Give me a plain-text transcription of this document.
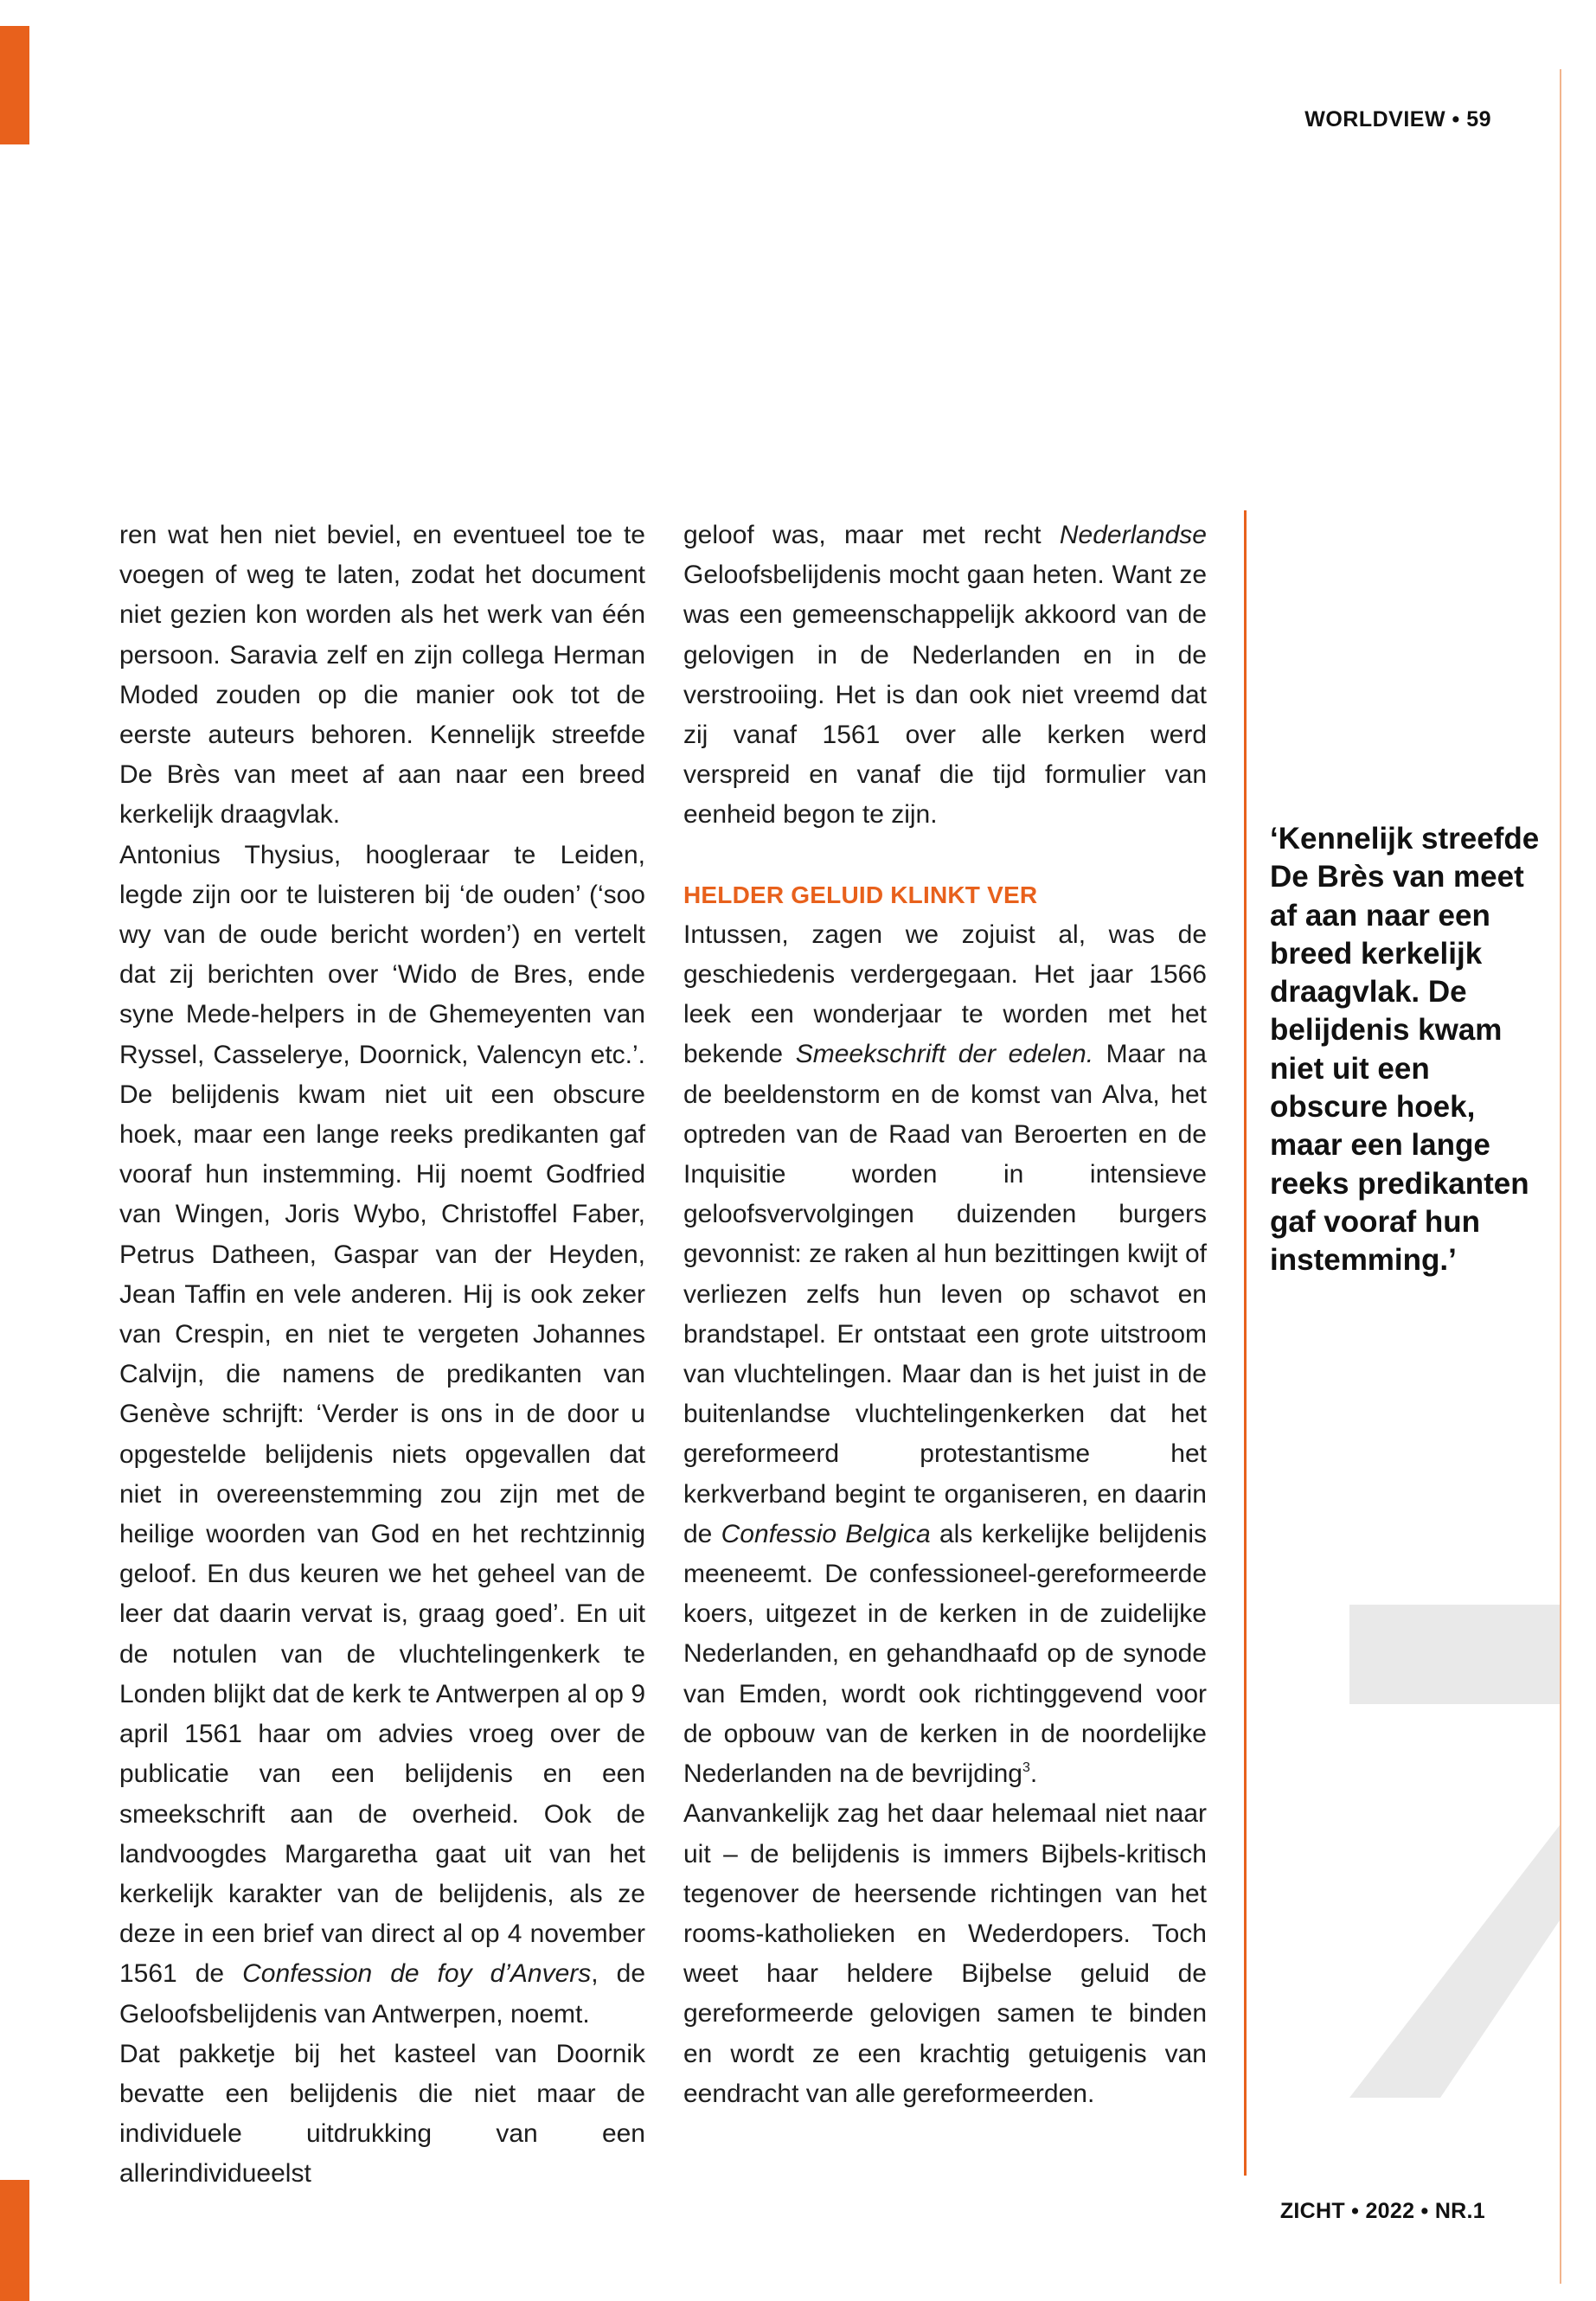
WORLDVIEW • 59

ren wat hen niet beviel, en eventueel toe te voegen of weg te laten, zodat het document niet gezien kon worden als het werk van één persoon. Saravia zelf en zijn collega Herman Moded zouden op die manier ook tot de eerste auteurs behoren. Kennelijk streefde De Brès van meet af aan naar een breed kerkelijk draagvlak.

Antonius Thysius, hoogleraar te Leiden, legde zijn oor te luisteren bij ‘de ouden’ (‘soo wy van de oude bericht worden’) en vertelt dat zij berichten over ‘Wido de Bres, ende syne Mede-helpers in de Ghemeyenten van Ryssel, Casselerye, Doornick, Valencyn etc.’. De belijdenis kwam niet uit een obscure hoek, maar een lange reeks predikanten gaf vooraf hun instemming. Hij noemt Godfried van Wingen, Joris Wybo, Christoffel Faber, Petrus Datheen, Gaspar van der Heyden, Jean Taffin en vele anderen. Hij is ook zeker van Crespin, en niet te vergeten Johannes Calvijn, die namens de predikanten van Genève schrijft: ‘Verder is ons in de door u opgestelde belijdenis niets opgevallen dat niet in overeenstemming zou zijn met de heilige woorden van God en het rechtzinnig geloof. En dus keuren we het geheel van de leer dat daarin vervat is, graag goed’. En uit de notulen van de vluchtelingenkerk te Londen blijkt dat de kerk te Antwerpen al op 9 april 1561 haar om advies vroeg over de publicatie van een belijdenis en een smeekschrift aan de overheid. Ook de landvoogdes Margaretha gaat uit van het kerkelijk karakter van de belijdenis, als ze deze in een brief van direct al op 4 november 1561 de Confession de foy d’Anvers, de Geloofsbelijdenis van Antwerpen, noemt.

Dat pakketje bij het kasteel van Doornik bevatte een belijdenis die niet maar de individuele uitdrukking van een allerindividueelst

geloof was, maar met recht Nederlandse Geloofsbelijdenis mocht gaan heten. Want ze was een gemeenschappelijk akkoord van de gelovigen in de Nederlanden en in de verstrooiing. Het is dan ook niet vreemd dat zij vanaf 1561 over alle kerken werd verspreid en vanaf die tijd formulier van eenheid begon te zijn.

HELDER GELUID KLINKT VER

Intussen, zagen we zojuist al, was de geschiedenis verdergegaan. Het jaar 1566 leek een wonderjaar te worden met het bekende Smeekschrift der edelen. Maar na de beeldenstorm en de komst van Alva, het optreden van de Raad van Beroerten en de Inquisitie worden in intensieve geloofsvervolgingen duizenden burgers gevonnist: ze raken al hun bezittingen kwijt of verliezen zelfs hun leven op schavot en brandstapel. Er ontstaat een grote uitstroom van vluchtelingen. Maar dan is het juist in de buitenlandse vluchtelingenkerken dat het gereformeerd protestantisme het kerkverband begint te organiseren, en daarin de Confessio Belgica als kerkelijke belijdenis meeneemt. De confessioneel-gereformeerde koers, uitgezet in de kerken in de zuidelijke Nederlanden, en gehandhaafd op de synode van Emden, wordt ook richtinggevend voor de opbouw van de kerken in de noordelijke Nederlanden na de bevrijding$^3$.

Aanvankelijk zag het daar helemaal niet naar uit – de belijdenis is immers Bijbels-kritisch tegenover de heersende richtingen van het rooms-katholieken en Wederdopers. Toch weet haar heldere Bijbelse geluid de gereformeerde gelovigen samen te binden en wordt ze een krachtig getuigenis van eendracht van alle gereformeerden.

‘Kennelijk streefde De Brès van meet af aan naar een breed kerkelijk draagvlak. De belijdenis kwam niet uit een obscure hoek, maar een lange reeks predikanten gaf vooraf hun instemming.’
ZICHT • 2022 • NR.1
